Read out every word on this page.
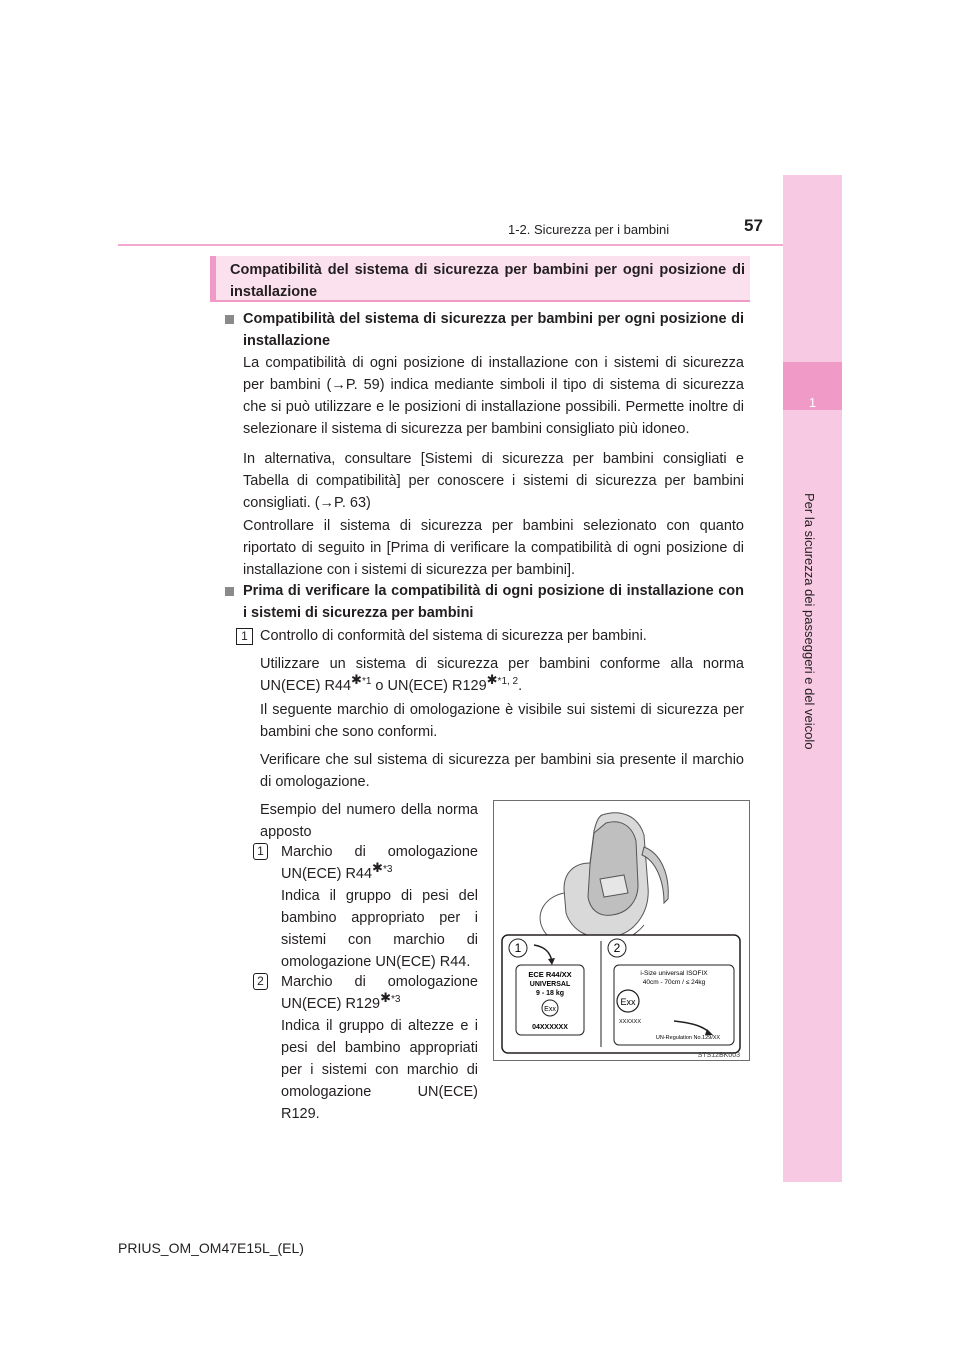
57
1-2. Sicurezza per i bambini
1
Per la sicurezza dei passeggeri e del veicolo
Compatibilità del sistema di sicurezza per bambini per ogni posizione di installazione
Compatibilità del sistema di sicurezza per bambini per ogni posizione di installazione
La compatibilità di ogni posizione di installazione con i sistemi di sicurezza per bambini (→P. 59) indica mediante simboli il tipo di sistema di sicurezza che si può utilizzare e le posizioni di installazione possibili. Permette inoltre di selezionare il sistema di sicurezza per bambini consigliato più idoneo.
In alternativa, consultare [Sistemi di sicurezza per bambini consigliati e Tabella di compatibilità] per conoscere i sistemi di sicurezza per bambini consigliati. (→P. 63)
Controllare il sistema di sicurezza per bambini selezionato con quanto riportato di seguito in [Prima di verificare la compatibilità di ogni posizione di installazione con i sistemi di sicurezza per bambini].
Prima di verificare la compatibilità di ogni posizione di installazione con i sistemi di sicurezza per bambini
1 Controllo di conformità del sistema di sicurezza per bambini.
Utilizzare un sistema di sicurezza per bambini conforme alla norma UN(ECE) $R44^{✱*1}$ o UN(ECE) $R129^{✱*1, 2}$.
Il seguente marchio di omologazione è visibile sui sistemi di sicurezza per bambini che sono conformi.
Verificare che sul sistema di sicurezza per bambini sia presente il marchio di omologazione.
Esempio del numero della norma apposto
1 Marchio di omologazione UN(ECE) $R44^{✱*3}$
Indica il gruppo di pesi del bambino appropriato per i sistemi con marchio di omologazione UN(ECE) R44.
2 Marchio di omologazione UN(ECE) $R129^{✱*3}$
Indica il gruppo di altezze e i pesi del bambino appropriati per i sistemi con marchio di omologazione UN(ECE) R129.
1	2
ECE R44/XX
UNIVERSAL
9 - 18 kg
Exx
04XXXXXX
i-Size universal ISOFIX
40cm - 70cm / ≤ 24kg
Exx
XXXXXX
UN-Regulation No.129/XX
STS12BK003
PRIUS_OM_OM47E15L_(EL)
